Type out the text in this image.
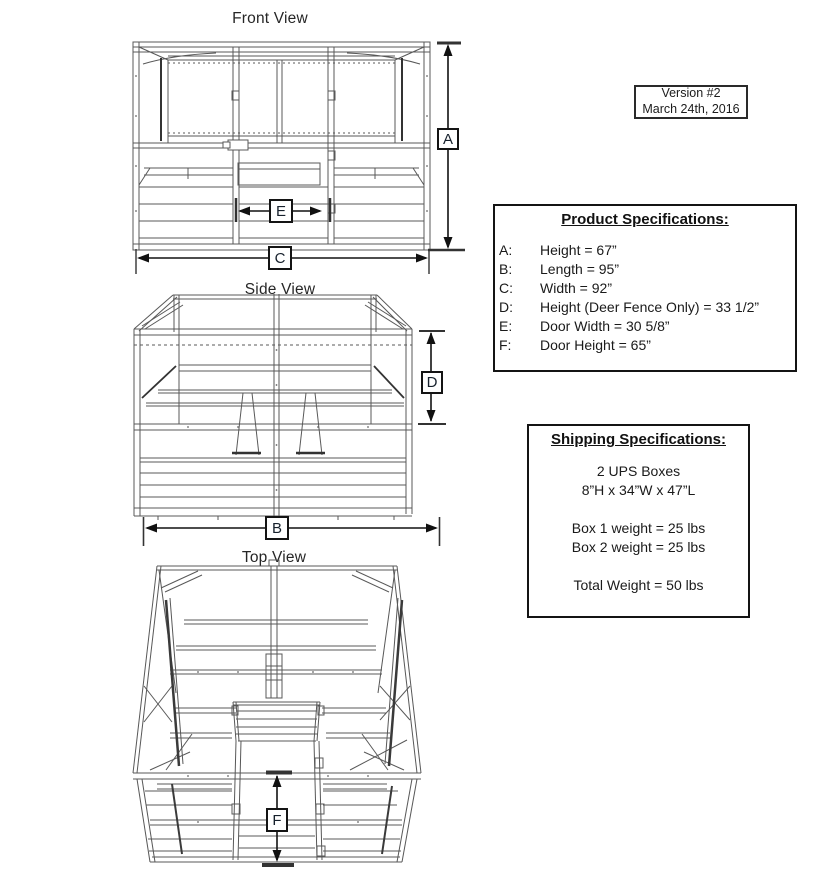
Front View
Side View
Top View
A
C
E
B
D
F
Version #2
March 24th, 2016
Product Specifications:
A:	Height = 67”
B:	Length = 95”
C:	Width = 92”
D:	Height (Deer Fence Only) = 33 1/2”
E:	Door Width = 30 5/8”
F:	Door Height = 65”
Shipping Specifications:
2 UPS Boxes
8”H x 34”W x 47”L
Box 1 weight = 25 lbs
Box 2 weight = 25 lbs
Total Weight = 50 lbs
